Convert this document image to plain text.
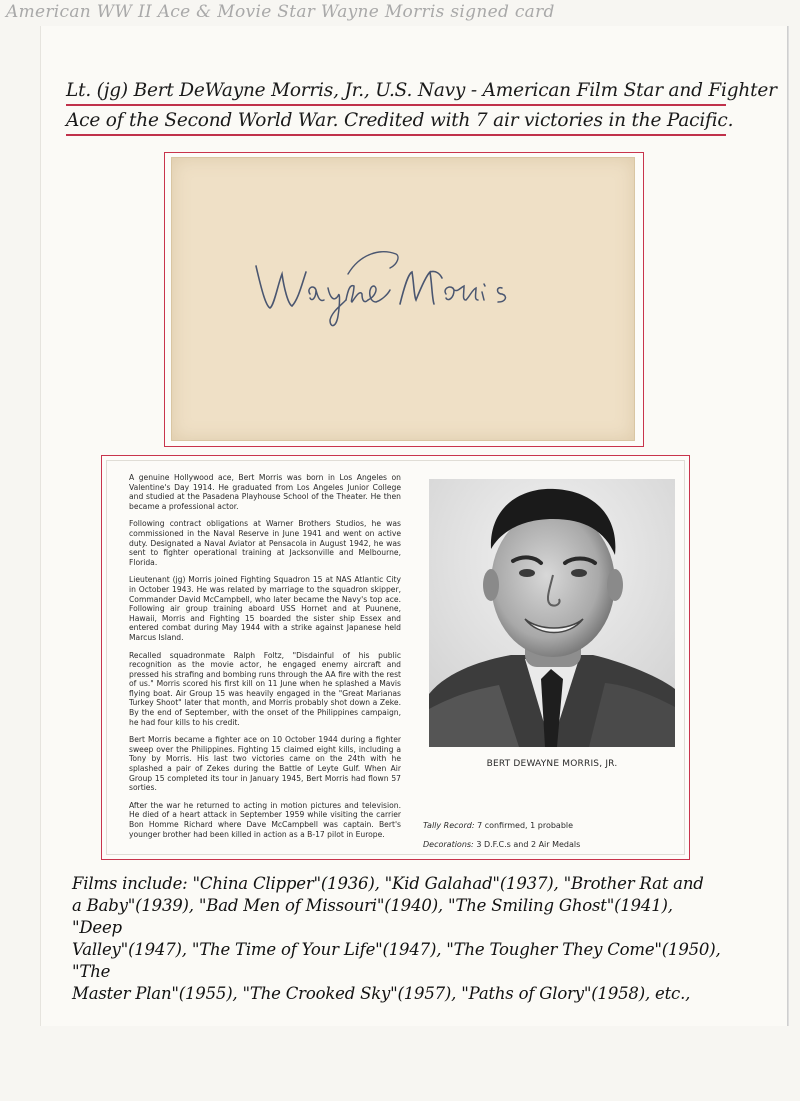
American WW II Ace & Movie Star Wayne Morris signed card
Lt. (jg) Bert DeWayne Morris, Jr., U.S. Navy - American Film Star and Fighter
Ace of the Second World War. Credited with 7 air victories in the Pacific.

A genuine Hollywood ace, Bert Morris was born in Los Angeles on Valentine's Day 1914. He graduated from Los Angeles Junior College and studied at the Pasadena Playhouse School of the Theater. He then became a professional actor.

Following contract obligations at Warner Brothers Studios, he was commissioned in the Naval Reserve in June 1941 and went on active duty. Designated a Naval Aviator at Pensacola in August 1942, he was sent to fighter operational training at Jacksonville and Melbourne, Florida.

Lieutenant (jg) Morris joined Fighting Squadron 15 at NAS Atlantic City in October 1943. He was related by marriage to the squadron skipper, Commander David McCampbell, who later became the Navy's top ace. Following air group training aboard USS Hornet and at Puunene, Hawaii, Morris and Fighting 15 boarded the sister ship Essex and entered combat during May 1944 with a strike against Japanese held Marcus Island.

Recalled squadronmate Ralph Foltz, "Disdainful of his public recognition as the movie actor, he engaged enemy aircraft and pressed his strafing and bombing runs through the AA fire with the rest of us." Morris scored his first kill on 11 June when he splashed a Mavis flying boat. Air Group 15 was heavily engaged in the "Great Marianas Turkey Shoot" later that month, and Morris probably shot down a Zeke. By the end of September, with the onset of the Philippines campaign, he had four kills to his credit.

Bert Morris became a fighter ace on 10 October 1944 during a fighter sweep over the Philippines. Fighting 15 claimed eight kills, including a Tony by Morris. His last two victories came on the 24th with he splashed a pair of Zekes during the Battle of Leyte Gulf. When Air Group 15 completed its tour in January 1945, Bert Morris had flown 57 sorties.

After the war he returned to acting in motion pictures and television. He died of a heart attack in September 1959 while visiting the carrier Bon Homme Richard where Dave McCampbell was captain. Bert's younger brother had been killed in action as a B-17 pilot in Europe.

BERT DEWAYNE MORRIS, JR.
Tally Record: 7 confirmed, 1 probable
Decorations: 3 D.F.C.s and 2 Air Medals
Films include: "China Clipper"(1936), "Kid Galahad"(1937), "Brother Rat and
a Baby"(1939), "Bad Men of Missouri"(1940), "The Smiling Ghost"(1941), "Deep
Valley"(1947), "The Time of Your Life"(1947), "The Tougher They Come"(1950), "The
Master Plan"(1955), "The Crooked Sky"(1957), "Paths of Glory"(1958), etc.,
